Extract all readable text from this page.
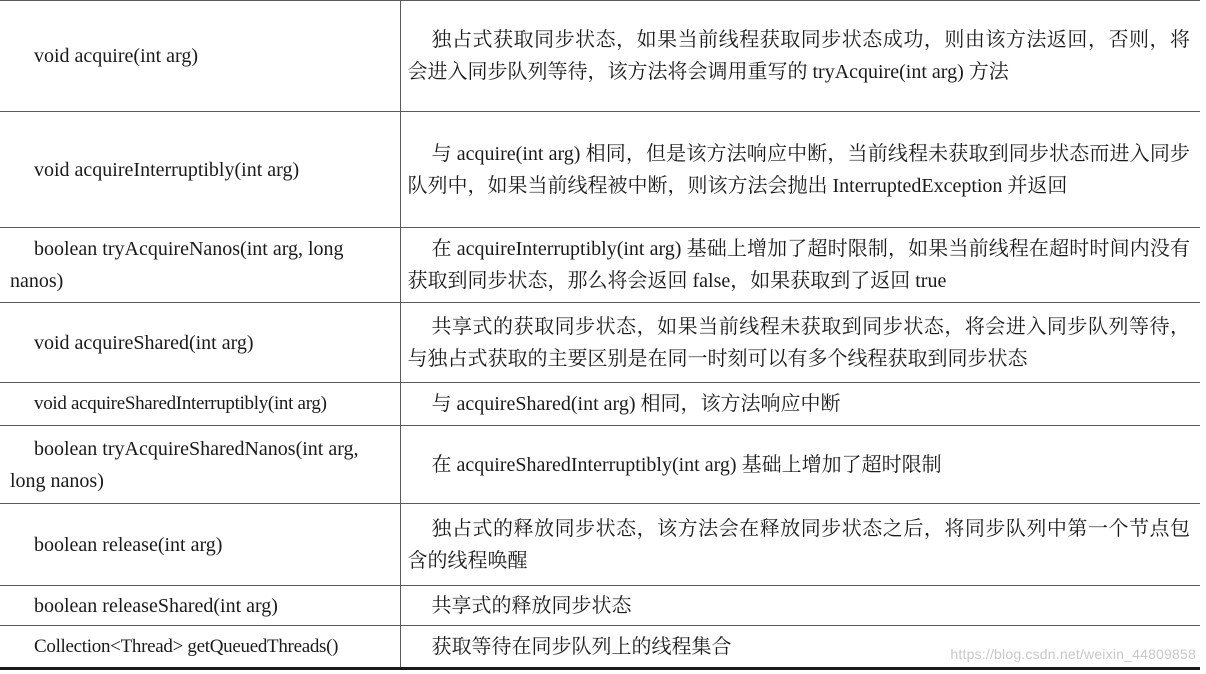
void acquire(int arg)	独占式获取同步状态，如果当前线程获取同步状态成功，则由该方法返回，否则，将会进入同步队列等待，该方法将会调用重写的 tryAcquire(int arg) 方法

void acquireInterruptibly(int arg)	与 acquire(int arg) 相同，但是该方法响应中断，当前线程未获取到同步状态而进入同步队列中，如果当前线程被中断，则该方法会抛出 InterruptedException 并返回

boolean tryAcquireNanos(int arg, long nanos)	在 acquireInterruptibly(int arg) 基础上增加了超时限制，如果当前线程在超时时间内没有获取到同步状态，那么将会返回 false，如果获取到了返回 true

void acquireShared(int arg)	共享式的获取同步状态，如果当前线程未获取到同步状态，将会进入同步队列等待，与独占式获取的主要区别是在同一时刻可以有多个线程获取到同步状态

void acquireSharedInterruptibly(int arg)	与 acquireShared(int arg) 相同，该方法响应中断

boolean tryAcquireSharedNanos(int arg, long nanos)	在 acquireSharedInterruptibly(int arg) 基础上增加了超时限制

boolean release(int arg)	独占式的释放同步状态，该方法会在释放同步状态之后，将同步队列中第一个节点包含的线程唤醒

boolean releaseShared(int arg)	共享式的释放同步状态

Collection<Thread> getQueuedThreads()	获取等待在同步队列上的线程集合	https://blog.csdn.net/weixin_44809858
